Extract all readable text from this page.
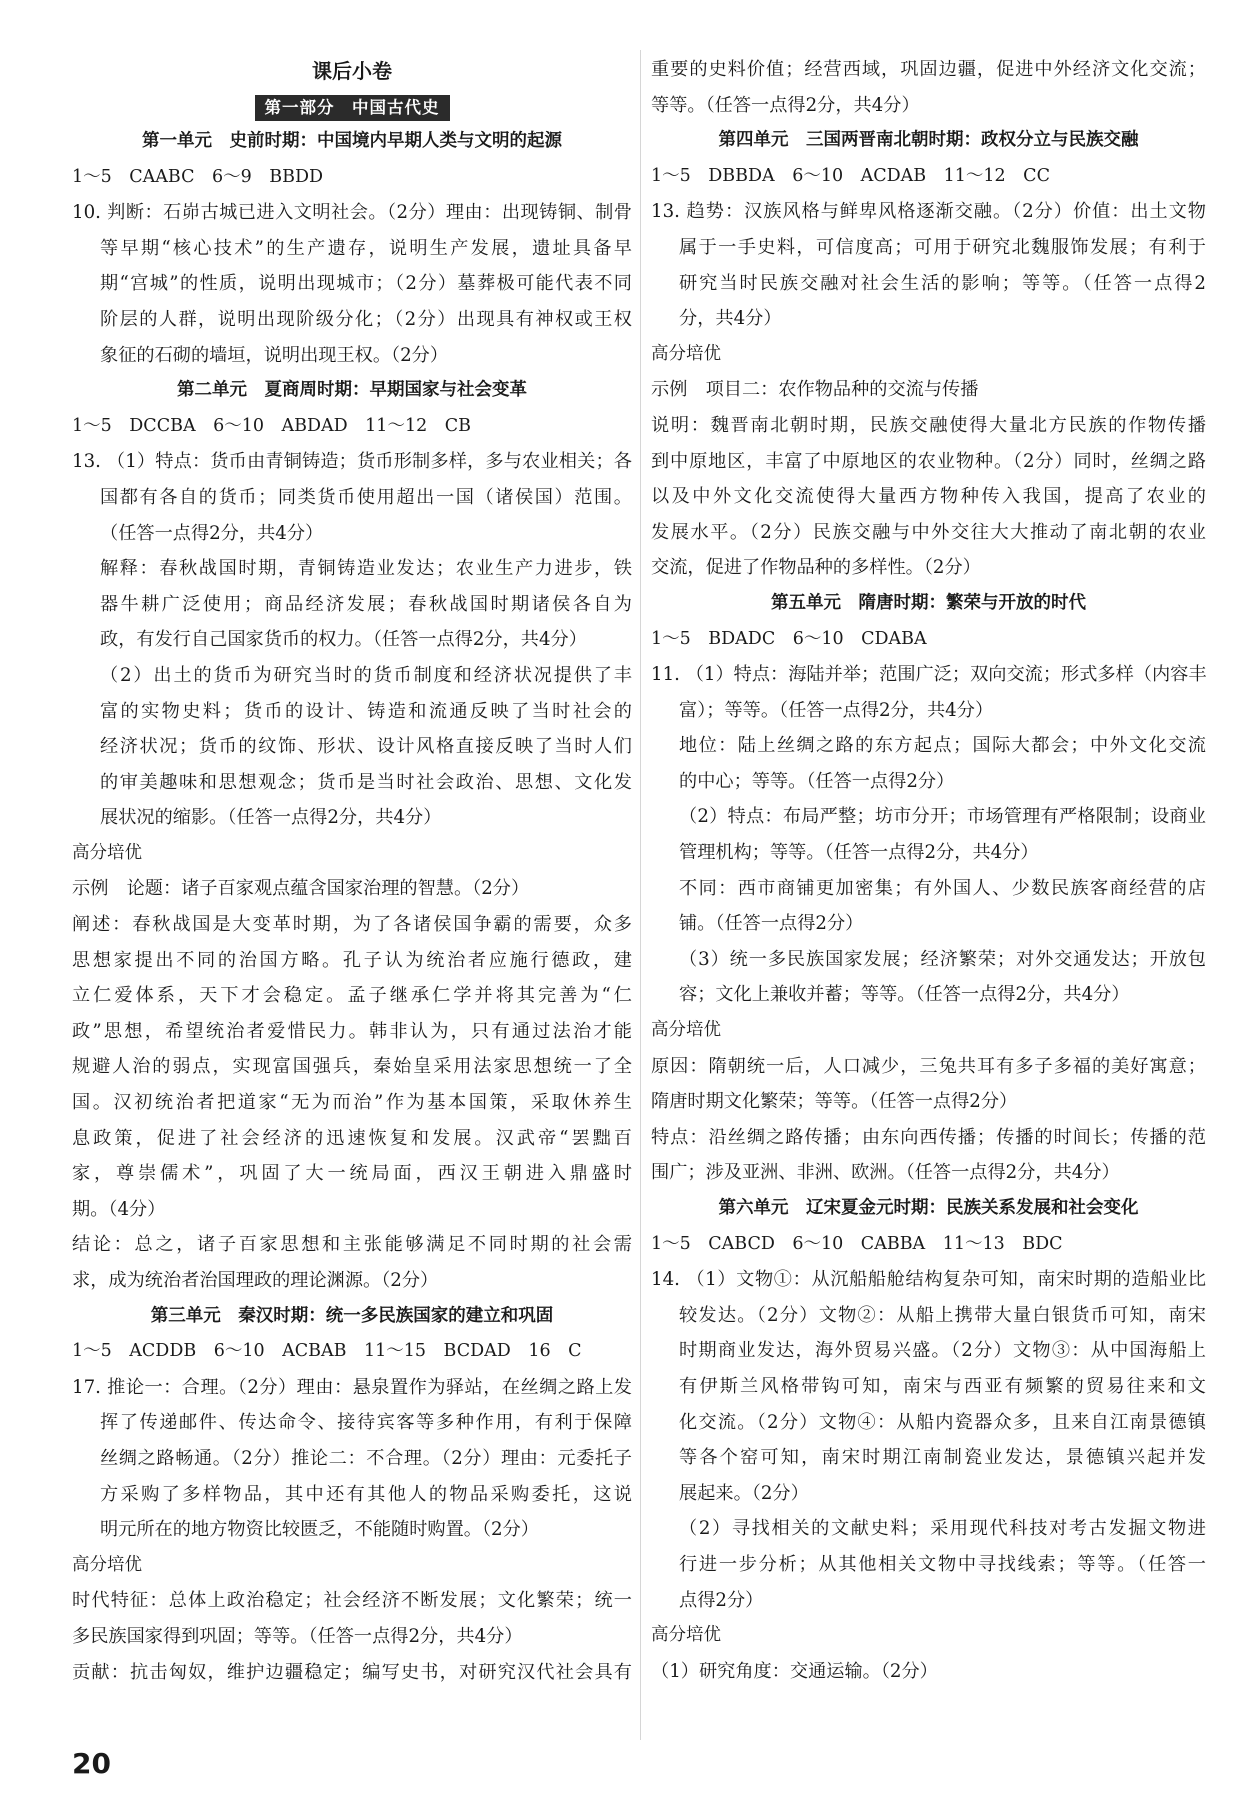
课后小卷

第一部分　中国古代史

第一单元　史前时期：中国境内早期人类与文明的起源

1～5　CAABC　6～9　BBDD

10. 判断：石峁古城已进入文明社会。（2分）理由：出现铸铜、制骨

等早期“核心技术”的生产遗存，说明生产发展，遗址具备早

期“宫城”的性质，说明出现城市；（2分）墓葬极可能代表不同

阶层的人群，说明出现阶级分化；（2分）出现具有神权或王权

象征的石砌的墙垣，说明出现王权。（2分）

第二单元　夏商周时期：早期国家与社会变革

1～5　DCCBA　6～10　ABDAD　11～12　CB

13. （1）特点：货币由青铜铸造；货币形制多样，多与农业相关；各

国都有各自的货币；同类货币使用超出一国（诸侯国）范围。

（任答一点得2分，共4分）

解释：春秋战国时期，青铜铸造业发达；农业生产力进步，铁

器牛耕广泛使用；商品经济发展；春秋战国时期诸侯各自为

政，有发行自己国家货币的权力。（任答一点得2分，共4分）

（2）出土的货币为研究当时的货币制度和经济状况提供了丰

富的实物史料；货币的设计、铸造和流通反映了当时社会的

经济状况；货币的纹饰、形状、设计风格直接反映了当时人们

的审美趣味和思想观念；货币是当时社会政治、思想、文化发

展状况的缩影。（任答一点得2分，共4分）

高分培优

示例　论题：诸子百家观点蕴含国家治理的智慧。（2分）

阐述：春秋战国是大变革时期，为了各诸侯国争霸的需要，众多

思想家提出不同的治国方略。孔子认为统治者应施行德政，建

立仁爱体系，天下才会稳定。孟子继承仁学并将其完善为“仁

政”思想，希望统治者爱惜民力。韩非认为，只有通过法治才能

规避人治的弱点，实现富国强兵，秦始皇采用法家思想统一了全

国。汉初统治者把道家“无为而治”作为基本国策，采取休养生

息政策，促进了社会经济的迅速恢复和发展。汉武帝“罢黜百

家，尊崇儒术”，巩固了大一统局面，西汉王朝进入鼎盛时

期。（4分）

结论：总之，诸子百家思想和主张能够满足不同时期的社会需

求，成为统治者治国理政的理论渊源。（2分）

第三单元　秦汉时期：统一多民族国家的建立和巩固

1～5　ACDDB　6～10　ACBAB　11～15　BCDAD　16　C

17. 推论一：合理。（2分）理由：悬泉置作为驿站，在丝绸之路上发

挥了传递邮件、传达命令、接待宾客等多种作用，有利于保障

丝绸之路畅通。（2分）推论二：不合理。（2分）理由：元委托子

方采购了多样物品，其中还有其他人的物品采购委托，这说

明元所在的地方物资比较匮乏，不能随时购置。（2分）

高分培优

时代特征：总体上政治稳定；社会经济不断发展；文化繁荣；统一

多民族国家得到巩固；等等。（任答一点得2分，共4分）

贡献：抗击匈奴，维护边疆稳定；编写史书，对研究汉代社会具有

重要的史料价值；经营西域，巩固边疆，促进中外经济文化交流；

等等。（任答一点得2分，共4分）

第四单元　三国两晋南北朝时期：政权分立与民族交融

1～5　DBBDA　6～10　ACDAB　11～12　CC

13. 趋势：汉族风格与鲜卑风格逐渐交融。（2分）价值：出土文物

属于一手史料，可信度高；可用于研究北魏服饰发展；有利于

研究当时民族交融对社会生活的影响；等等。（任答一点得2

分，共4分）

高分培优

示例　项目二：农作物品种的交流与传播

说明：魏晋南北朝时期，民族交融使得大量北方民族的作物传播

到中原地区，丰富了中原地区的农业物种。（2分）同时，丝绸之路

以及中外文化交流使得大量西方物种传入我国，提高了农业的

发展水平。（2分）民族交融与中外交往大大推动了南北朝的农业

交流，促进了作物品种的多样性。（2分）

第五单元　隋唐时期：繁荣与开放的时代

1～5　BDADC　6～10　CDABA

11. （1）特点：海陆并举；范围广泛；双向交流；形式多样（内容丰

富）；等等。（任答一点得2分，共4分）

地位：陆上丝绸之路的东方起点；国际大都会；中外文化交流

的中心；等等。（任答一点得2分）

（2）特点：布局严整；坊市分开；市场管理有严格限制；设商业

管理机构；等等。（任答一点得2分，共4分）

不同：西市商铺更加密集；有外国人、少数民族客商经营的店

铺。（任答一点得2分）

（3）统一多民族国家发展；经济繁荣；对外交通发达；开放包

容；文化上兼收并蓄；等等。（任答一点得2分，共4分）

高分培优

原因：隋朝统一后，人口减少，三兔共耳有多子多福的美好寓意；

隋唐时期文化繁荣；等等。（任答一点得2分）

特点：沿丝绸之路传播；由东向西传播；传播的时间长；传播的范

围广；涉及亚洲、非洲、欧洲。（任答一点得2分，共4分）

第六单元　辽宋夏金元时期：民族关系发展和社会变化

1～5　CABCD　6～10　CABBA　11～13　BDC

14. （1）文物①：从沉船船舱结构复杂可知，南宋时期的造船业比

较发达。（2分）文物②：从船上携带大量白银货币可知，南宋

时期商业发达，海外贸易兴盛。（2分）文物③：从中国海船上

有伊斯兰风格带钩可知，南宋与西亚有频繁的贸易往来和文

化交流。（2分）文物④：从船内瓷器众多，且来自江南景德镇

等各个窑可知，南宋时期江南制瓷业发达，景德镇兴起并发

展起来。（2分）

（2）寻找相关的文献史料；采用现代科技对考古发掘文物进

行进一步分析；从其他相关文物中寻找线索；等等。（任答一

点得2分）

高分培优

（1）研究角度：交通运输。（2分）

20
